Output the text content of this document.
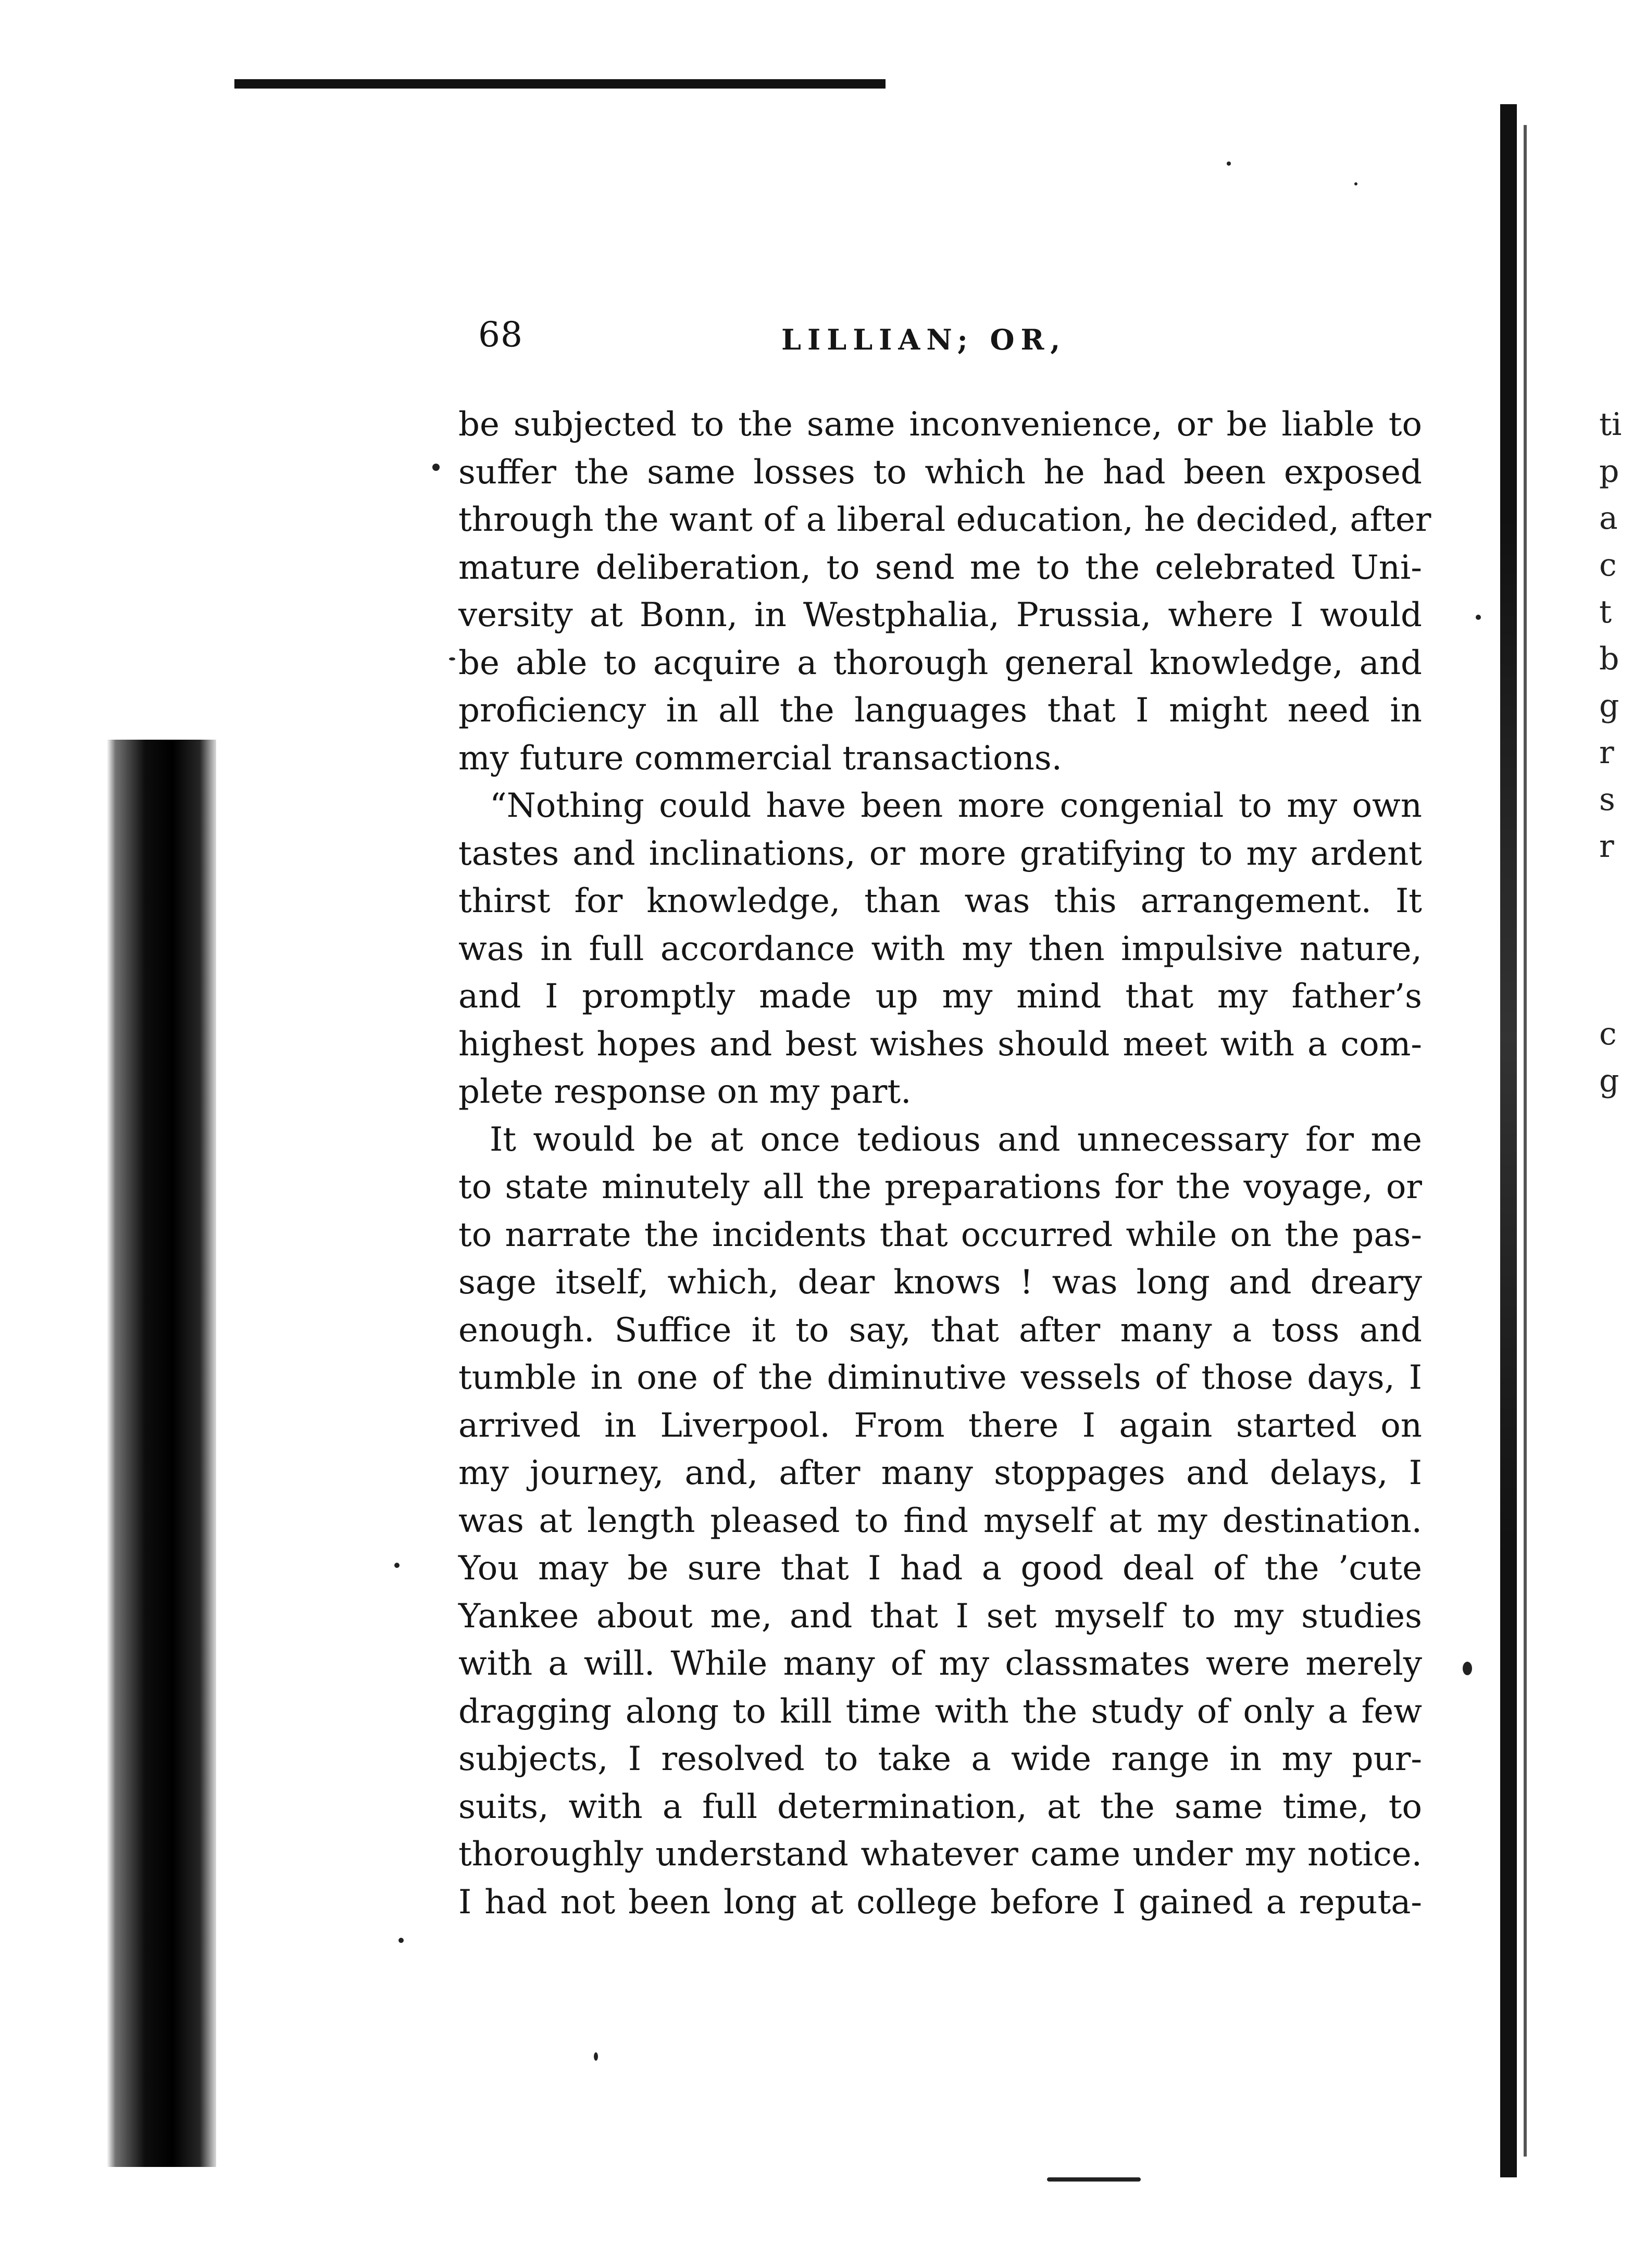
ti
p
a
c
t
b
g
r
s
r
c
g
68	LILLIAN; OR,
be subjected to the same inconvenience, or be liable to
suffer the same losses to which he had been exposed
through the want of a liberal education, he decided, after
mature deliberation, to send me to the celebrated Uni-
versity at Bonn, in Westphalia, Prussia, where I would
be able to acquire a thorough general knowledge, and
proficiency in all the languages that I might need in
my future commercial transactions.
“Nothing could have been more congenial to my own
tastes and inclinations, or more gratifying to my ardent
thirst for knowledge, than was this arrangement. It
was in full accordance with my then impulsive nature,
and I promptly made up my mind that my father’s
highest hopes and best wishes should meet with a com-
plete response on my part.
It would be at once tedious and unnecessary for me
to state minutely all the preparations for the voyage, or
to narrate the incidents that occurred while on the pas-
sage itself, which, dear knows ! was long and dreary
enough. Suffice it to say, that after many a toss and
tumble in one of the diminutive vessels of those days, I
arrived in Liverpool. From there I again started on
my journey, and, after many stoppages and delays, I
was at length pleased to find myself at my destination.
You may be sure that I had a good deal of the ’cute
Yankee about me, and that I set myself to my studies
with a will. While many of my classmates were merely
dragging along to kill time with the study of only a few
subjects, I resolved to take a wide range in my pur-
suits, with a full determination, at the same time, to
thoroughly understand whatever came under my notice.
I had not been long at college before I gained a reputa-
